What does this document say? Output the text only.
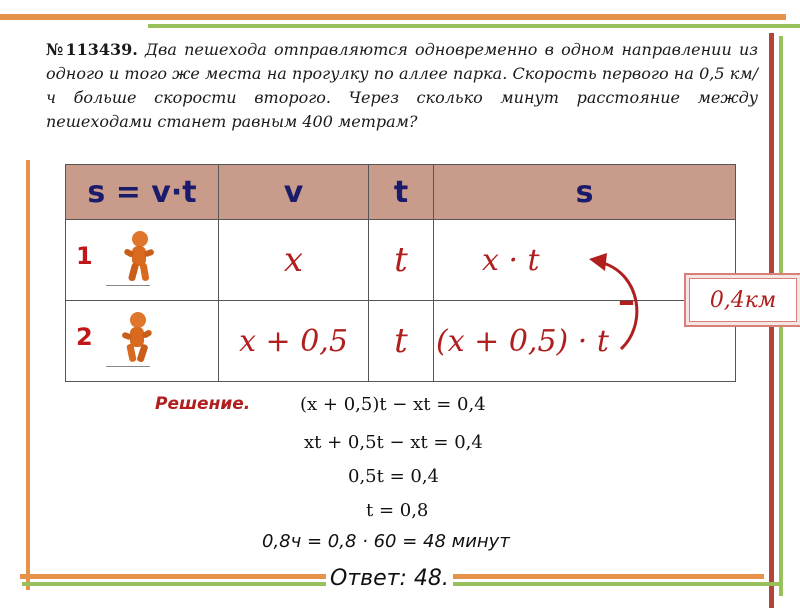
№113439. Два пешехода отправляются одновременно в одном направлении из одного и того же места на прогулку по аллее парка. Скорость первого на 0,5 км/ч больше скорости второго. Через сколько минут расстояние между пешеходами станет равным 400 метрам?
s = v·t	v	t	s

1	x	t	x · t

2	x + 0,5	t	(x + 0,5) · t
–	0,4км
Решение.	(x + 0,5)t − xt = 0,4
xt + 0,5t − xt = 0,4
0,5t = 0,4
t = 0,8
0,8ч = 0,8 · 60 = 48 минут
Ответ: 48.
